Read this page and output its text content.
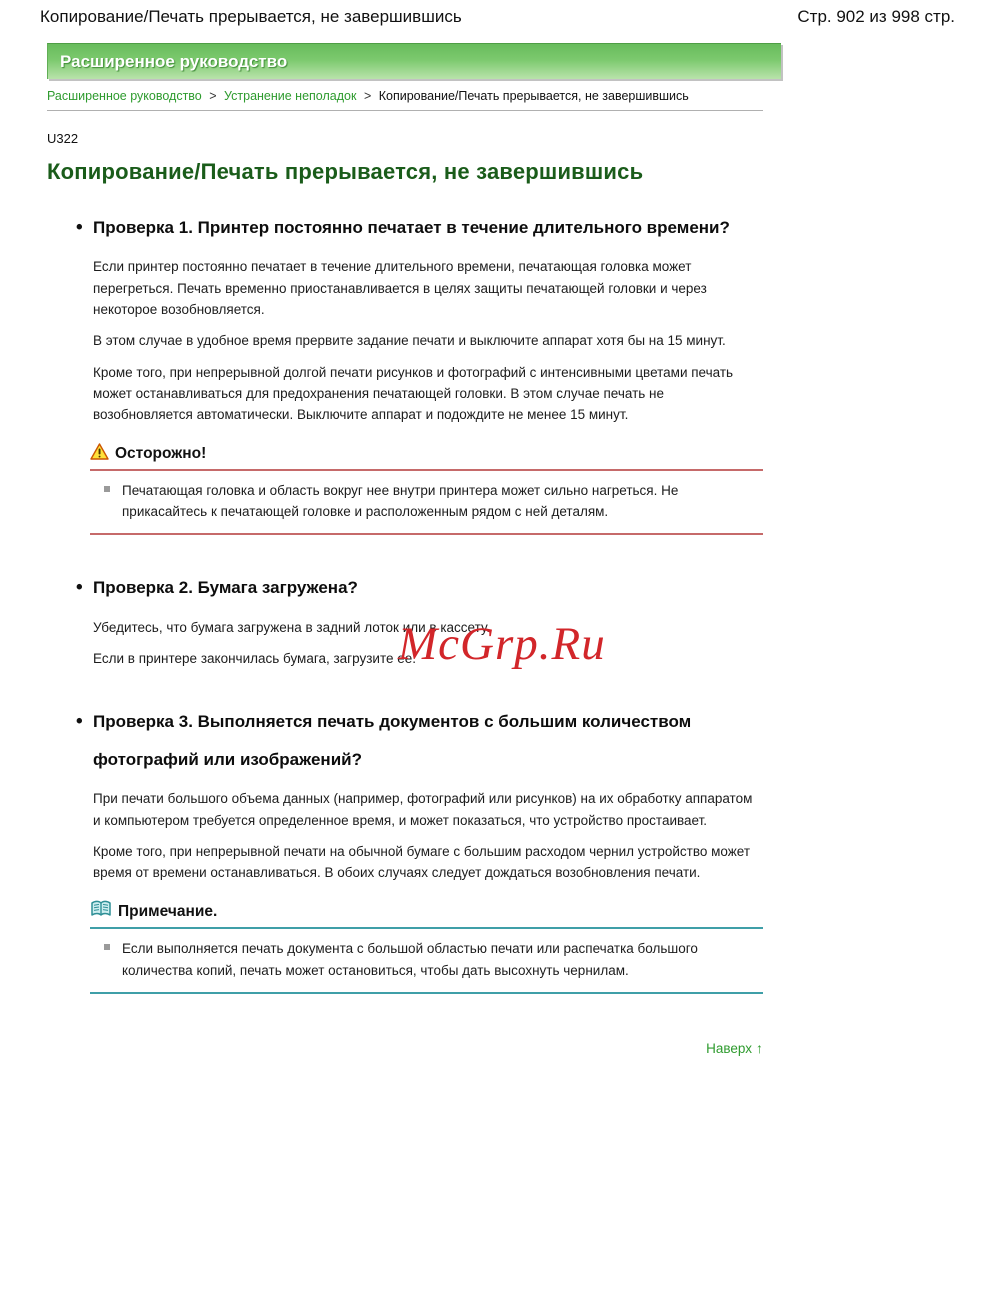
Копирование/Печать прерывается, не завершившись	Стр. 902 из 998 стр.
Расширенное руководство
Расширенное руководство > Устранение неполадок > Копирование/Печать прерывается, не завершившись
U322
Копирование/Печать прерывается, не завершившись
• Проверка 1. Принтер постоянно печатает в течение длительного времени?

Если принтер постоянно печатает в течение длительного времени, печатающая головка может перегреться. Печать временно приостанавливается в целях защиты печатающей головки и через некоторое возобновляется.

В этом случае в удобное время прервите задание печати и выключите аппарат хотя бы на 15 минут.

Кроме того, при непрерывной долгой печати рисунков и фотографий с интенсивными цветами печать может останавливаться для предохранения печатающей головки. В этом случае печать не возобновляется автоматически. Выключите аппарат и подождите не менее 15 минут.

Осторожно!
Печатающая головка и область вокруг нее внутри принтера может сильно нагреться. Не прикасайтесь к печатающей головке и расположенным рядом с ней деталям.
• Проверка 2. Бумага загружена?

Убедитесь, что бумага загружена в задний лоток или в кассету.

Если в принтере закончилась бумага, загрузите ее.

• Проверка 3. Выполняется печать документов с большим количеством фотографий или изображений?

При печати большого объема данных (например, фотографий или рисунков) на их обработку аппаратом и компьютером требуется определенное время, и может показаться, что устройство простаивает.

Кроме того, при непрерывной печати на обычной бумаге с большим расходом чернил устройство может время от времени останавливаться. В обоих случаях следует дождаться возобновления печати.

Примечание.
Если выполняется печать документа с большой областью печати или распечатка большого количества копий, печать может остановиться, чтобы дать высохнуть чернилам.
Наверх ↑
McGrp.Ru
